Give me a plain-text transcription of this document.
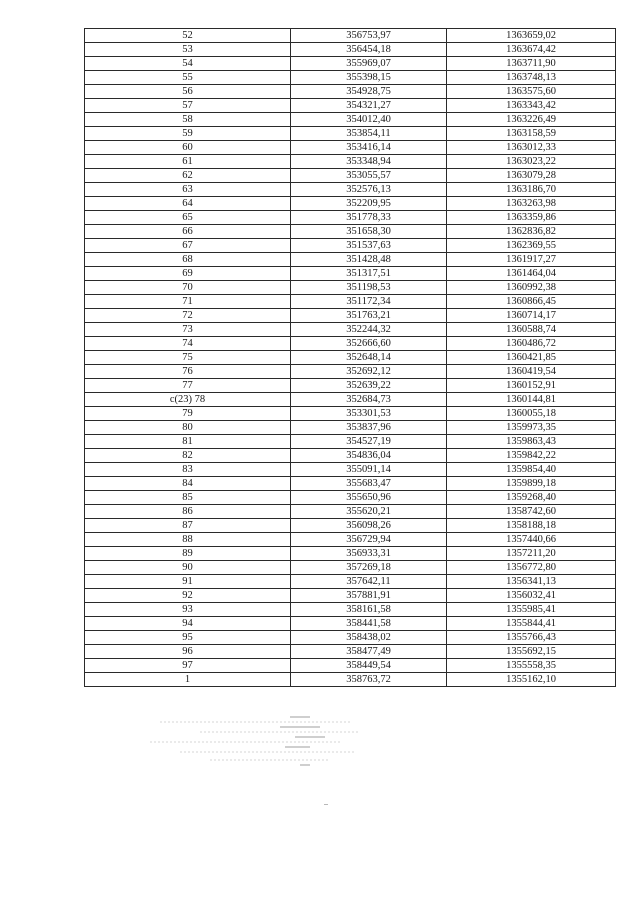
52	356753,97	1363659,02
53	356454,18	1363674,42
54	355969,07	1363711,90
55	355398,15	1363748,13
56	354928,75	1363575,60
57	354321,27	1363343,42
58	354012,40	1363226,49
59	353854,11	1363158,59
60	353416,14	1363012,33
61	353348,94	1363023,22
62	353055,57	1363079,28
63	352576,13	1363186,70
64	352209,95	1363263,98
65	351778,33	1363359,86
66	351658,30	1362836,82
67	351537,63	1362369,55
68	351428,48	1361917,27
69	351317,51	1361464,04
70	351198,53	1360992,38
71	351172,34	1360866,45
72	351763,21	1360714,17
73	352244,32	1360588,74
74	352666,60	1360486,72
75	352648,14	1360421,85
76	352692,12	1360419,54
77	352639,22	1360152,91
c(23) 78	352684,73	1360144,81
79	353301,53	1360055,18
80	353837,96	1359973,35
81	354527,19	1359863,43
82	354836,04	1359842,22
83	355091,14	1359854,40
84	355683,47	1359899,18
85	355650,96	1359268,40
86	355620,21	1358742,60
87	356098,26	1358188,18
88	356729,94	1357440,66
89	356933,31	1357211,20
90	357269,18	1356772,80
91	357642,11	1356341,13
92	357881,91	1356032,41
93	358161,58	1355985,41
94	358441,58	1355844,41
95	358438,02	1355766,43
96	358477,49	1355692,15
97	358449,54	1355558,35
1	358763,72	1355162,10
